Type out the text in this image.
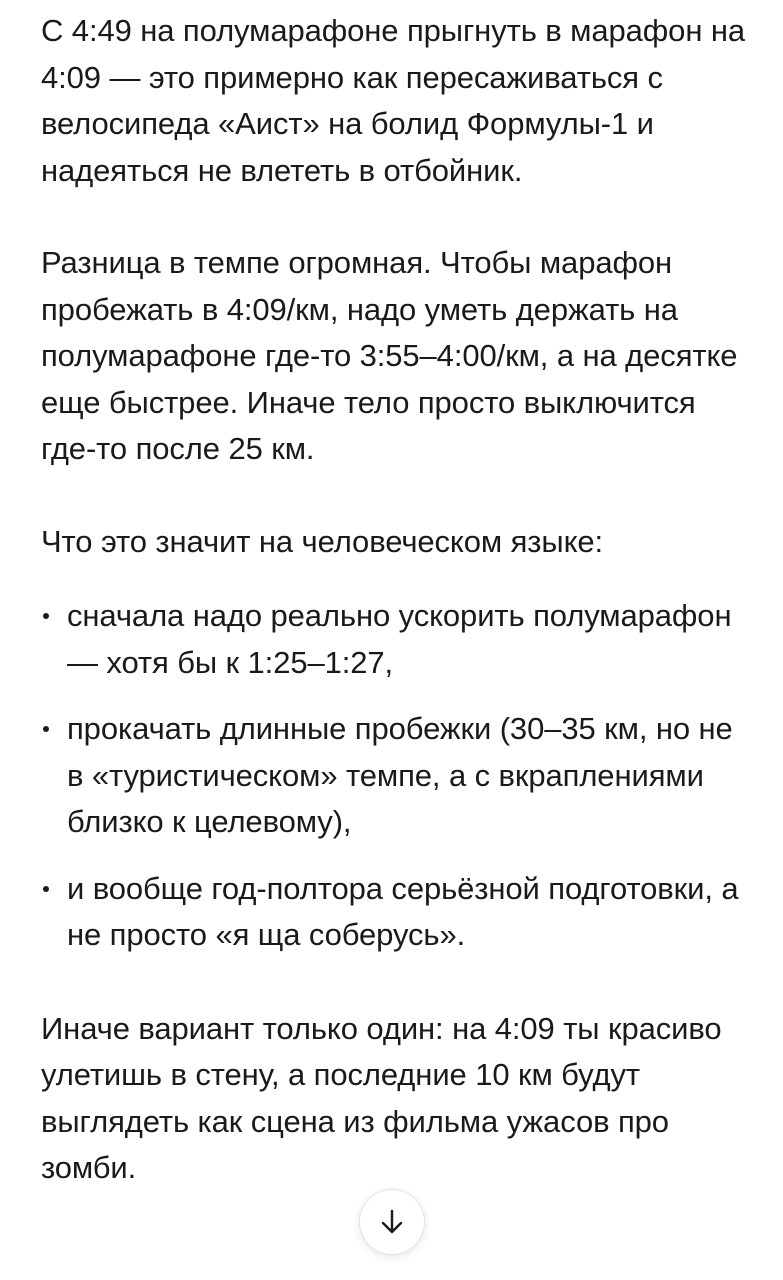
С 4:49 на полумарафоне прыгнуть в марафон на 4:09 — это примерно как пересаживаться с велосипеда «Аист» на болид Формулы-1 и надеяться не влететь в отбойник.

Разница в темпе огромная. Чтобы марафон пробежать в 4:09/км, надо уметь держать на полумарафоне где-то 3:55–4:00/км, а на десятке еще быстрее. Иначе тело просто выключится где-то после 25 км.

Что это значит на человеческом языке:

сначала надо реально ускорить полумарафон — хотя бы к 1:25–1:27,
прокачать длинные пробежки (30–35 км, но не в «туристическом» темпе, а с вкраплениями близко к целевому),
и вообще год-полтора серьёзной подготовки, а не просто «я ща соберусь».

Иначе вариант только один: на 4:09 ты красиво улетишь в стену, а последние 10 км будут выглядеть как сцена из фильма ужасов про зомби.
